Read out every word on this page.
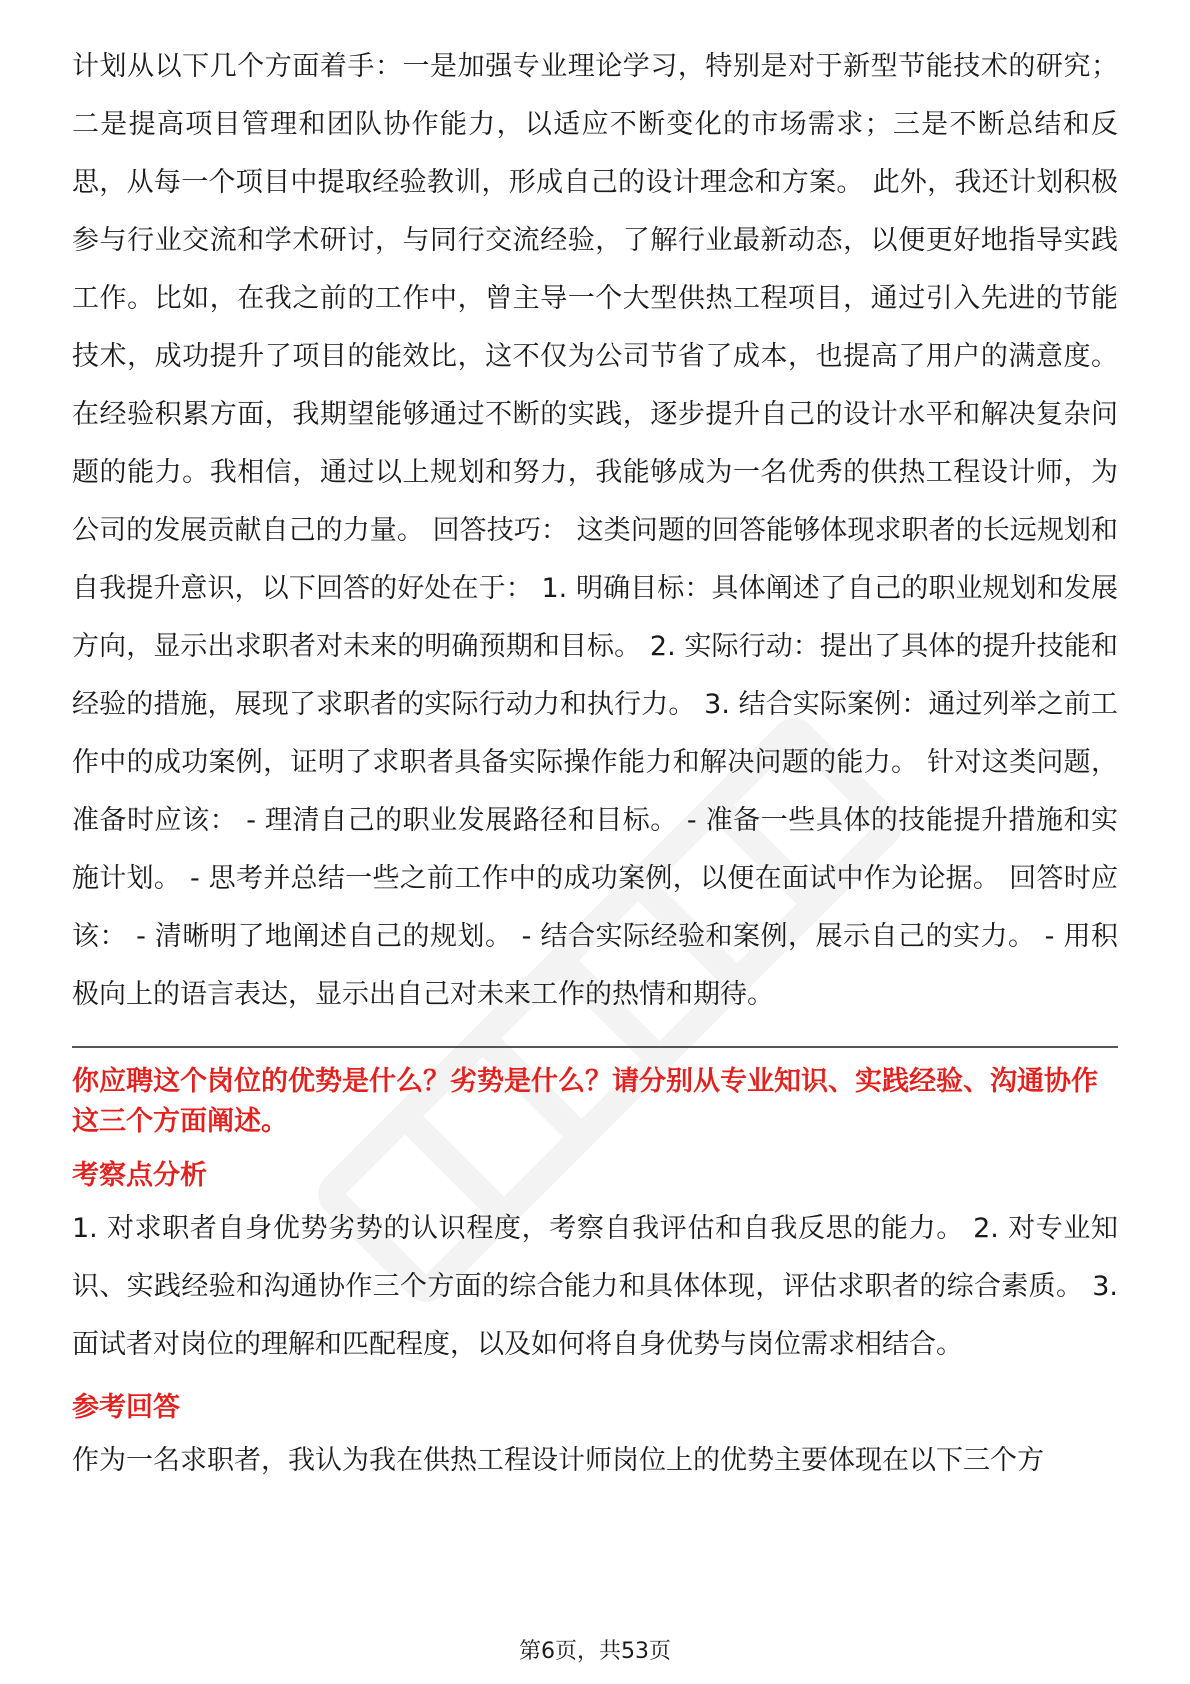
计划从以下几个方面着手：一是加强专业理论学习，特别是对于新型节能技术的研究；二是提高项目管理和团队协作能力，以适应不断变化的市场需求；三是不断总结和反思，从每一个项目中提取经验教训，形成自己的设计理念和方案。 此外，我还计划积极参与行业交流和学术研讨，与同行交流经验，了解行业最新动态，以便更好地指导实践工作。比如，在我之前的工作中，曾主导一个大型供热工程项目，通过引入先进的节能技术，成功提升了项目的能效比，这不仅为公司节省了成本，也提高了用户的满意度。 在经验积累方面，我期望能够通过不断的实践，逐步提升自己的设计水平和解决复杂问题的能力。我相信，通过以上规划和努力，我能够成为一名优秀的供热工程设计师，为公司的发展贡献自己的力量。 回答技巧： 这类问题的回答能够体现求职者的长远规划和自我提升意识，以下回答的好处在于： 1. 明确目标：具体阐述了自己的职业规划和发展方向，显示出求职者对未来的明确预期和目标。 2. 实际行动：提出了具体的提升技能和经验的措施，展现了求职者的实际行动力和执行力。 3. 结合实际案例：通过列举之前工作中的成功案例，证明了求职者具备实际操作能力和解决问题的能力。 针对这类问题，准备时应该： - 理清自己的职业发展路径和目标。 - 准备一些具体的技能提升措施和实施计划。 - 思考并总结一些之前工作中的成功案例，以便在面试中作为论据。 回答时应该： - 清晰明了地阐述自己的规划。 - 结合实际经验和案例，展示自己的实力。 - 用积极向上的语言表达，显示出自己对未来工作的热情和期待。

你应聘这个岗位的优势是什么？劣势是什么？请分别从专业知识、实践经验、沟通协作这三个方面阐述。

考察点分析

1. 对求职者自身优势劣势的认识程度，考察自我评估和自我反思的能力。 2. 对专业知识、实践经验和沟通协作三个方面的综合能力和具体体现，评估求职者的综合素质。 3. 面试者对岗位的理解和匹配程度，以及如何将自身优势与岗位需求相结合。

参考回答

作为一名求职者，我认为我在供热工程设计师岗位上的优势主要体现在以下三个方

第6页，共53页
